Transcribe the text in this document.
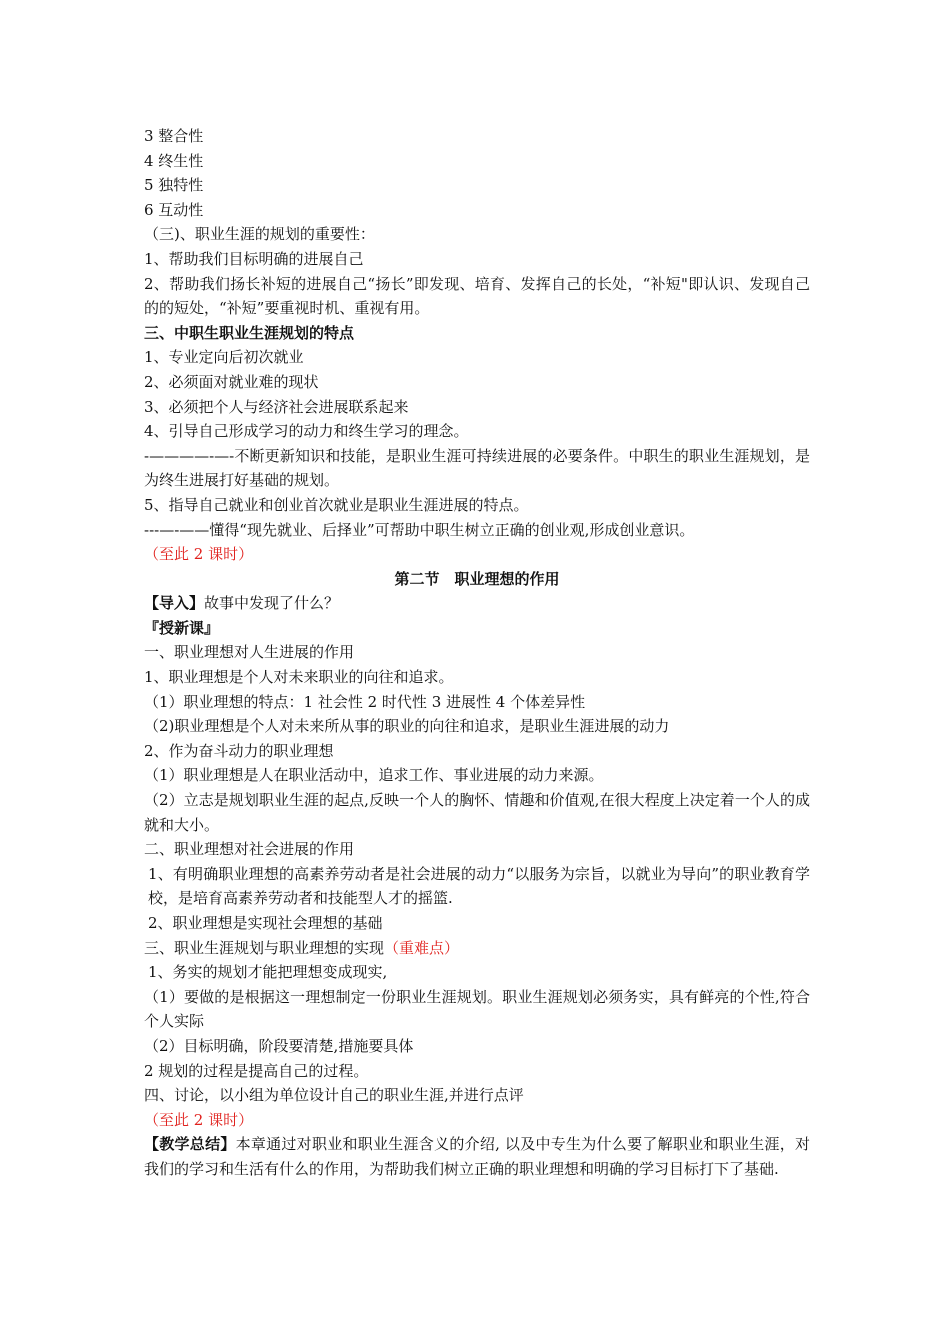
3 整合性

4 终生性

5 独特性

6 互动性

（三)、职业生涯的规划的重要性：

1、帮助我们目标明确的进展自己

2、帮助我们扬长补短的进展自己“扬长”即发现、培育、发挥自己的长处，“补短"即认识、发现自己的的短处，“补短”要重视时机、重视有用。

三、中职生职业生涯规划的特点

1、专业定向后初次就业

2、必须面对就业难的现状

3、必须把个人与经济社会进展联系起来

4、引导自己形成学习的动力和终生学习的理念。

-————-—-不断更新知识和技能，是职业生涯可持续进展的必要条件。中职生的职业生涯规划，是为终生进展打好基础的规划。

5、指导自己就业和创业首次就业是职业生涯进展的特点。

---—-——懂得“现先就业、后择业”可帮助中职生树立正确的创业观,形成创业意识。

（至此 2 课时）

第二节　职业理想的作用

【导入】故事中发现了什么？

『授新课』

一、职业理想对人生进展的作用

1、职业理想是个人对未来职业的向往和追求。

（1）职业理想的特点：1 社会性 2 时代性 3 进展性 4 个体差异性

（2)职业理想是个人对未来所从事的职业的向往和追求，是职业生涯进展的动力

2、作为奋斗动力的职业理想

（1）职业理想是人在职业活动中，追求工作、事业进展的动力来源。

（2）立志是规划职业生涯的起点,反映一个人的胸怀、情趣和价值观,在很大程度上决定着一个人的成就和大小。

二、职业理想对社会进展的作用

1、有明确职业理想的高素养劳动者是社会进展的动力“以服务为宗旨，以就业为导向”的职业教育学校，是培育高素养劳动者和技能型人才的摇篮.

2、职业理想是实现社会理想的基础

三、职业生涯规划与职业理想的实现（重难点）

1、务实的规划才能把理想变成现实,

（1）要做的是根据这一理想制定一份职业生涯规划。职业生涯规划必须务实，具有鲜亮的个性,符合个人实际

（2）目标明确，阶段要清楚,措施要具体

2 规划的过程是提高自己的过程。

四、讨论，以小组为单位设计自己的职业生涯,并进行点评

（至此 2 课时）

【教学总结】本章通过对职业和职业生涯含义的介绍, 以及中专生为什么要了解职业和职业生涯，对我们的学习和生活有什么的作用，为帮助我们树立正确的职业理想和明确的学习目标打下了基础.
